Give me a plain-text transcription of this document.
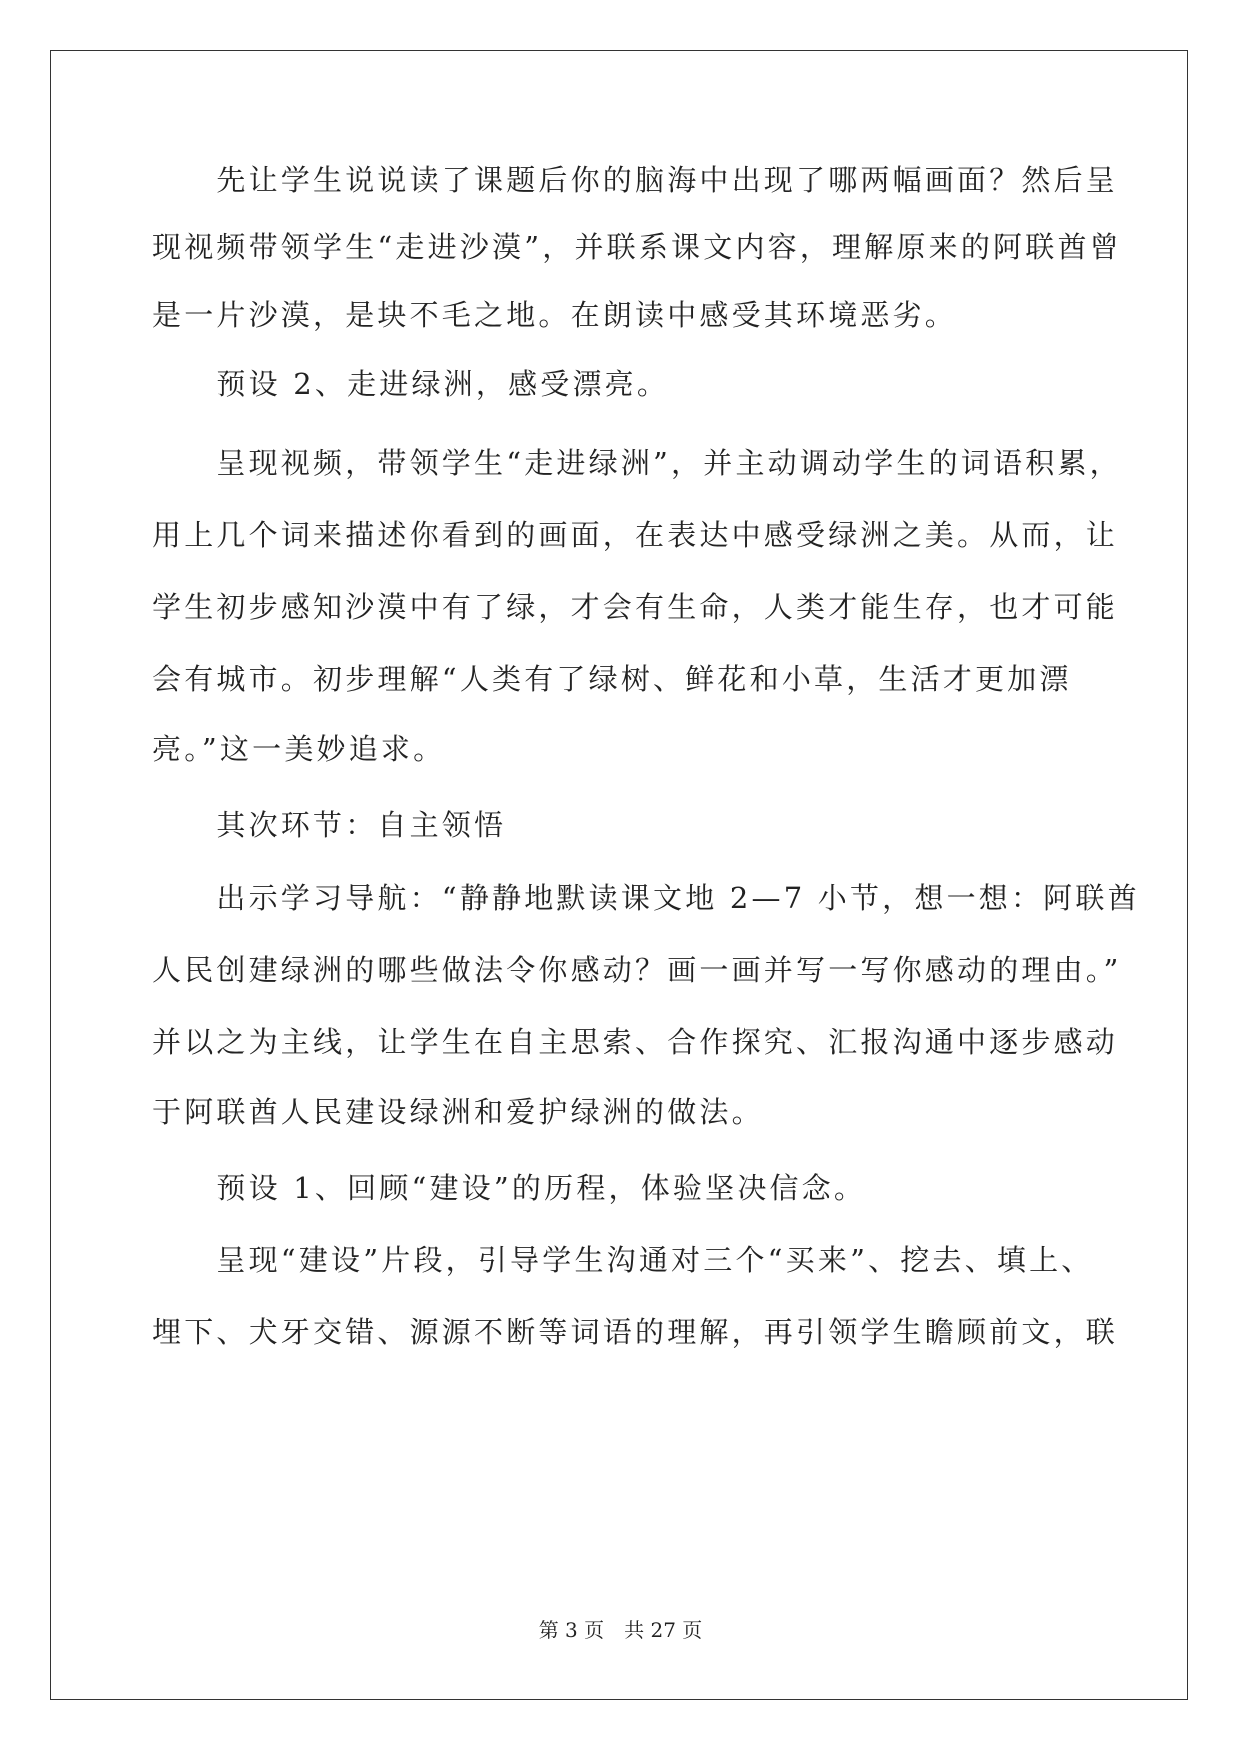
　　先让学生说说读了课题后你的脑海中出现了哪两幅画面？然后呈
现视频带领学生“走进沙漠”，并联系课文内容，理解原来的阿联酋曾
是一片沙漠，是块不毛之地。在朗读中感受其环境恶劣。
　　预设 2、走进绿洲，感受漂亮。
　　呈现视频，带领学生“走进绿洲”，并主动调动学生的词语积累，
用上几个词来描述你看到的画面，在表达中感受绿洲之美。从而，让
学生初步感知沙漠中有了绿，才会有生命，人类才能生存，也才可能
会有城市。初步理解“人类有了绿树、鲜花和小草，生活才更加漂
亮。”这一美妙追求。
　　其次环节：自主领悟
　　出示学习导航：“静静地默读课文地 2—7 小节，想一想：阿联酋
人民创建绿洲的哪些做法令你感动？画一画并写一写你感动的理由。”
并以之为主线，让学生在自主思索、合作探究、汇报沟通中逐步感动
于阿联酋人民建设绿洲和爱护绿洲的做法。
　　预设 1、回顾“建设”的历程，体验坚决信念。
　　呈现“建设”片段，引导学生沟通对三个“买来”、挖去、填上、
埋下、犬牙交错、源源不断等词语的理解，再引领学生瞻顾前文，联
第 3 页　共 27 页
